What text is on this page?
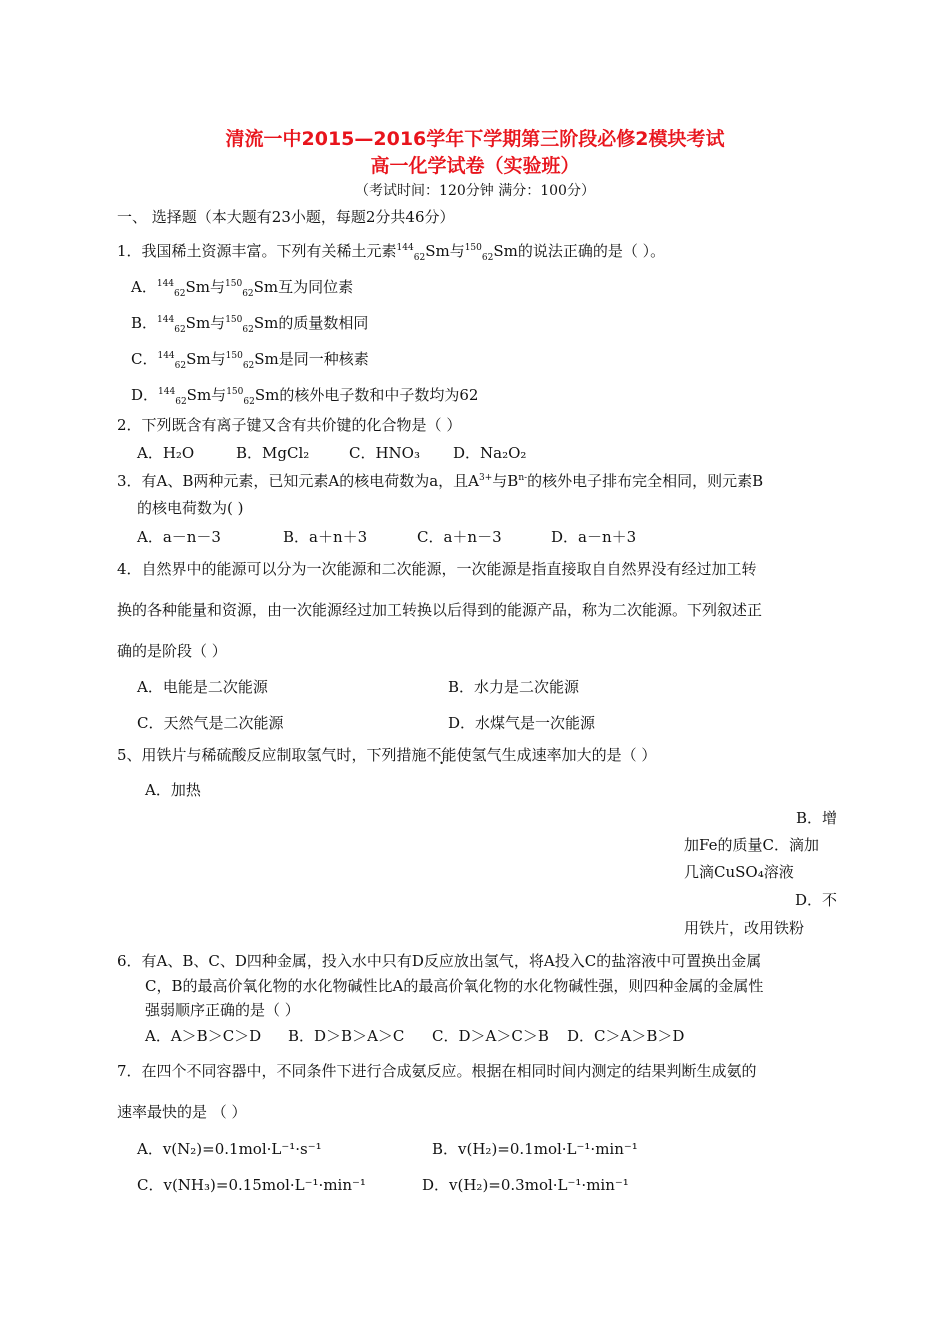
清流一中2015—2016学年下学期第三阶段必修2模块考试
高一化学试卷（实验班）
（考试时间：120分钟 满分：100分）
一、 选择题（本大题有23小题，每题2分共46分）
1．我国稀土资源丰富。下列有关稀土元素$^{144}_{62}$Sm与$^{150}_{62}$Sm的说法正确的是（ ）。
A．$^{144}_{62}$Sm与$^{150}_{62}$Sm互为同位素
B．$^{144}_{62}$Sm与$^{150}_{62}$Sm的质量数相同
C．$^{144}_{62}$Sm与$^{150}_{62}$Sm是同一种核素
D．$^{144}_{62}$Sm与$^{150}_{62}$Sm的核外电子数和中子数均为62
2．下列既含有离子键又含有共价键的化合物是（ ）
A．H₂O	B．MgCl₂	C．HNO₃ D．Na₂O₂
3．有A、B两种元素，已知元素A的核电荷数为a，且$A^{3+}$与$B^{n-}$的核外电子排布完全相同，则元素B
的核电荷数为( )
A．a－n－3	B．a＋n＋3	C．a＋n－3	D．a－n＋3
4．自然界中的能源可以分为一次能源和二次能源，一次能源是指直接取自自然界没有经过加工转
换的各种能量和资源，由一次能源经过加工转换以后得到的能源产品，称为二次能源。下列叙述正
确的是阶段（ ）
A．电能是二次能源	B．水力是二次能源
C．天然气是二次能源	D．水煤气是一次能源
5、用铁片与稀硫酸反应制取氢气时，下列措施不能使氢气生成速率加大的是（ ）
A．加热
B．增
加Fe的质量C．滴加
几滴CuSO₄溶液
D．不
用铁片，改用铁粉
6．有A、B、C、D四种金属，投入水中只有D反应放出氢气，将A投入C的盐溶液中可置换出金属
C，B的最高价氧化物的水化物碱性比A的最高价氧化物的水化物碱性强，则四种金属的金属性
强弱顺序正确的是（ ）
A．A＞B＞C＞D B．D＞B＞A＞C C．D＞A＞C＞B D．C＞A＞B＞D
7．在四个不同容器中，不同条件下进行合成氨反应。根据在相同时间内测定的结果判断生成氨的
速率最快的是 （ ）
A．v(N₂)=0.1mol·L⁻¹·s⁻¹	B．v(H₂)=0.1mol·L⁻¹·min⁻¹
C．v(NH₃)=0.15mol·L⁻¹·min⁻¹	D．v(H₂)=0.3mol·L⁻¹·min⁻¹
